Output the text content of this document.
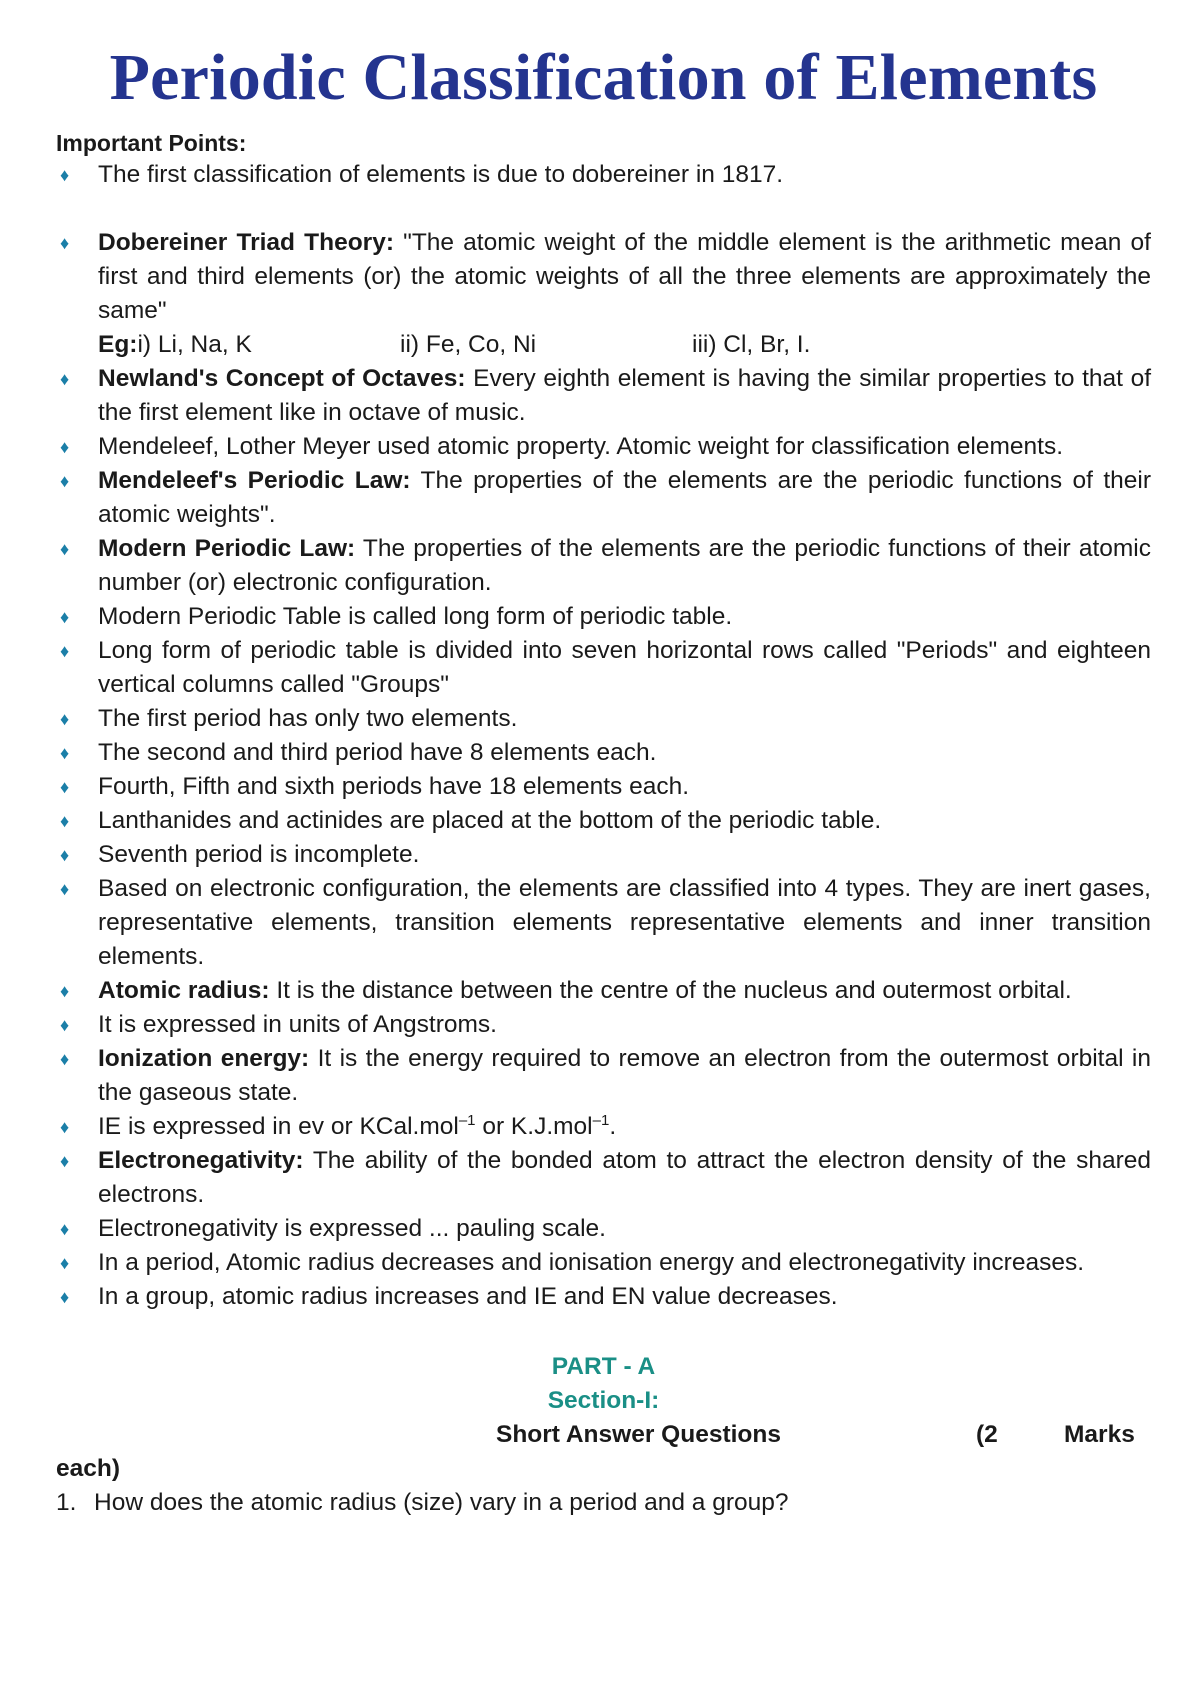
Periodic Classification of Elements
Important Points:
♦ The first classification of elements is due to dobereiner in 1817.
♦ Dobereiner Triad Theory: "The atomic weight of the middle element is the arithmetic mean of first and third elements (or) the atomic weights of all the three elements are approximately the same"
Eg:i) Li, Na, K	ii) Fe, Co, Ni	iii) Cl, Br, I.
♦ Newland's Concept of Octaves: Every eighth element is having the similar properties to that of the first element like in octave of music.
♦ Mendeleef, Lother Meyer used atomic property. Atomic weight for classification elements.
♦ Mendeleef's Periodic Law: The properties of the elements are the periodic functions of their atomic weights".
♦ Modern Periodic Law: The properties of the elements are the periodic functions of their atomic number (or) electronic configuration.
♦ Modern Periodic Table is called long form of periodic table.
♦ Long form of periodic table is divided into seven horizontal rows called "Periods" and eighteen vertical columns called "Groups"
♦ The first period has only two elements.
♦ The second and third period have 8 elements each.
♦ Fourth, Fifth and sixth periods have 18 elements each.
♦ Lanthanides and actinides are placed at the bottom of the periodic table.
♦ Seventh period is incomplete.
♦ Based on electronic configuration, the elements are classified into 4 types. They are inert gases, representative elements, transition elements representative elements and inner transition elements.
♦ Atomic radius: It is the distance between the centre of the nucleus and outermost orbital.
♦ It is expressed in units of Angstroms.
♦ Ionization energy: It is the energy required to remove an electron from the outermost orbital in the gaseous state.
♦ IE is expressed in ev or KCal.mol$^{-1}$ or K.J.mol$^{-1}$.
♦ Electronegativity: The ability of the bonded atom to attract the electron density of the shared electrons.
♦ Electronegativity is expressed ... pauling scale.
♦ In a period, Atomic radius decreases and ionisation energy and electronegativity increases.
♦ In a group, atomic radius increases and IE and EN value decreases.
PART - A
Section-I:
Short Answer Questions	(2	Marks
each)
1. How does the atomic radius (size) vary in a period and a group?
